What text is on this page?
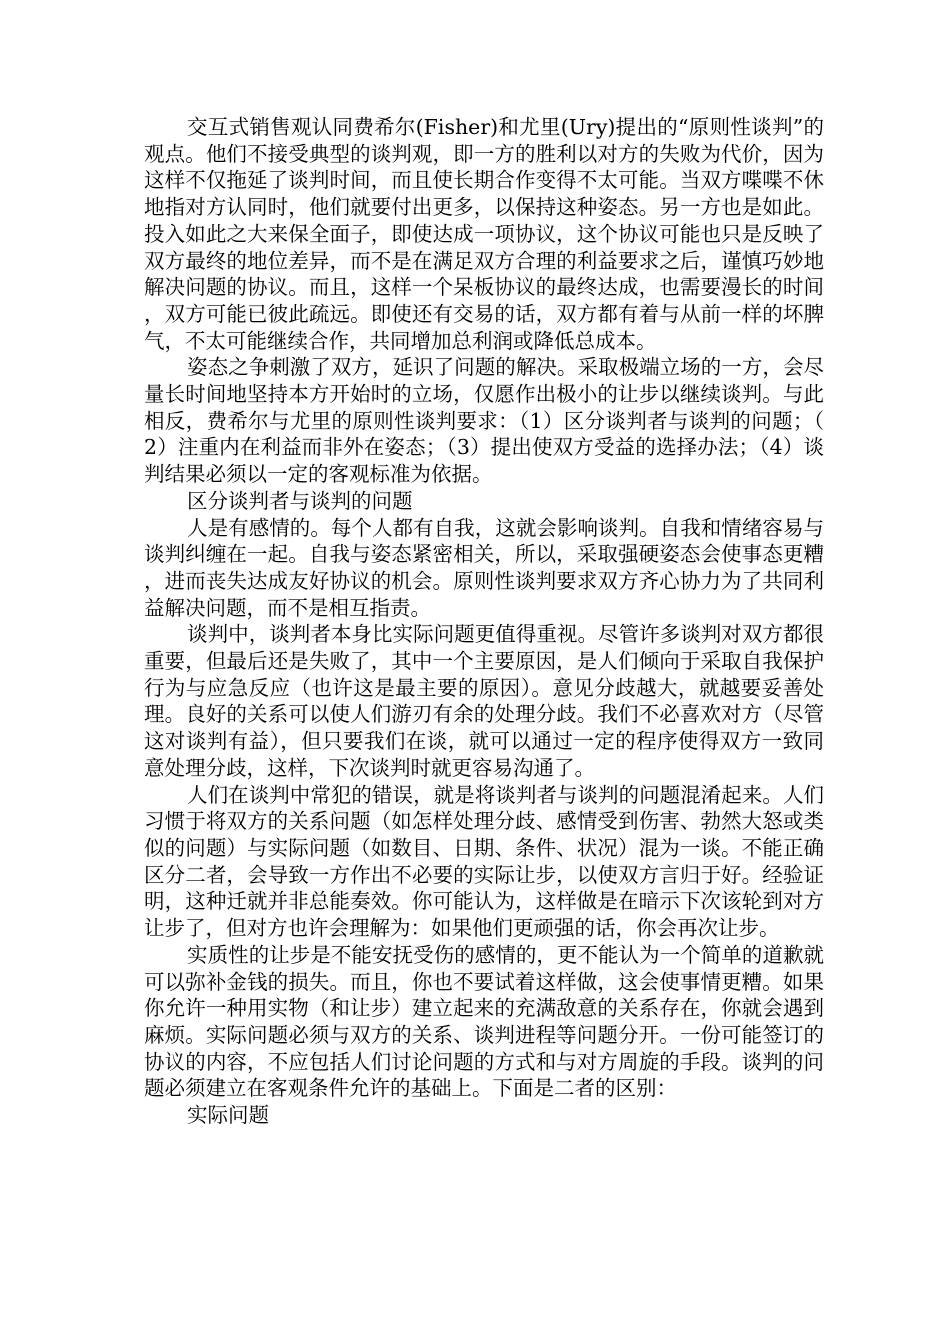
交互式销售观认同费希尔(Fisher)和尤里(Ury)提出的“原则性谈判”的观点。他们不接受典型的谈判观，即一方的胜利以对方的失败为代价，因为这样不仅拖延了谈判时间，而且使长期合作变得不太可能。当双方喋喋不休地指对方认同时，他们就要付出更多，以保持这种姿态。另一方也是如此。投入如此之大来保全面子，即使达成一项协议，这个协议可能也只是反映了双方最终的地位差异，而不是在满足双方合理的利益要求之后，谨慎巧妙地解决问题的协议。而且，这样一个呆板协议的最终达成，也需要漫长的时间，双方可能已彼此疏远。即使还有交易的话，双方都有着与从前一样的坏脾气，不太可能继续合作，共同增加总利润或降低总成本。

姿态之争刺激了双方，延识了问题的解决。采取极端立场的一方，会尽量长时间地坚持本方开始时的立场，仅愿作出极小的让步以继续谈判。与此相反，费希尔与尤里的原则性谈判要求：（1）区分谈判者与谈判的问题；（2）注重内在利益而非外在姿态；（3）提出使双方受益的选择办法；（4）谈判结果必须以一定的客观标准为依据。

区分谈判者与谈判的问题

人是有感情的。每个人都有自我，这就会影响谈判。自我和情绪容易与谈判纠缠在一起。自我与姿态紧密相关，所以，采取强硬姿态会使事态更糟，进而丧失达成友好协议的机会。原则性谈判要求双方齐心协力为了共同利益解决问题，而不是相互指责。

谈判中，谈判者本身比实际问题更值得重视。尽管许多谈判对双方都很重要，但最后还是失败了，其中一个主要原因，是人们倾向于采取自我保护行为与应急反应（也许这是最主要的原因）。意见分歧越大，就越要妥善处理。良好的关系可以使人们游刃有余的处理分歧。我们不必喜欢对方（尽管这对谈判有益），但只要我们在谈，就可以通过一定的程序使得双方一致同意处理分歧，这样，下次谈判时就更容易沟通了。

人们在谈判中常犯的错误，就是将谈判者与谈判的问题混淆起来。人们习惯于将双方的关系问题（如怎样处理分歧、感情受到伤害、勃然大怒或类似的问题）与实际问题（如数目、日期、条件、状况）混为一谈。不能正确区分二者，会导致一方作出不必要的实际让步，以使双方言归于好。经验证明，这种迁就并非总能奏效。你可能认为，这样做是在暗示下次该轮到对方让步了，但对方也许会理解为：如果他们更顽强的话，你会再次让步。

实质性的让步是不能安抚受伤的感情的，更不能认为一个简单的道歉就可以弥补金钱的损失。而且，你也不要试着这样做，这会使事情更糟。如果你允许一种用实物（和让步）建立起来的充满敌意的关系存在，你就会遇到麻烦。实际问题必须与双方的关系、谈判进程等问题分开。一份可能签订的协议的内容，不应包括人们讨论问题的方式和与对方周旋的手段。谈判的问题必须建立在客观条件允许的基础上。下面是二者的区别：

实际问题
